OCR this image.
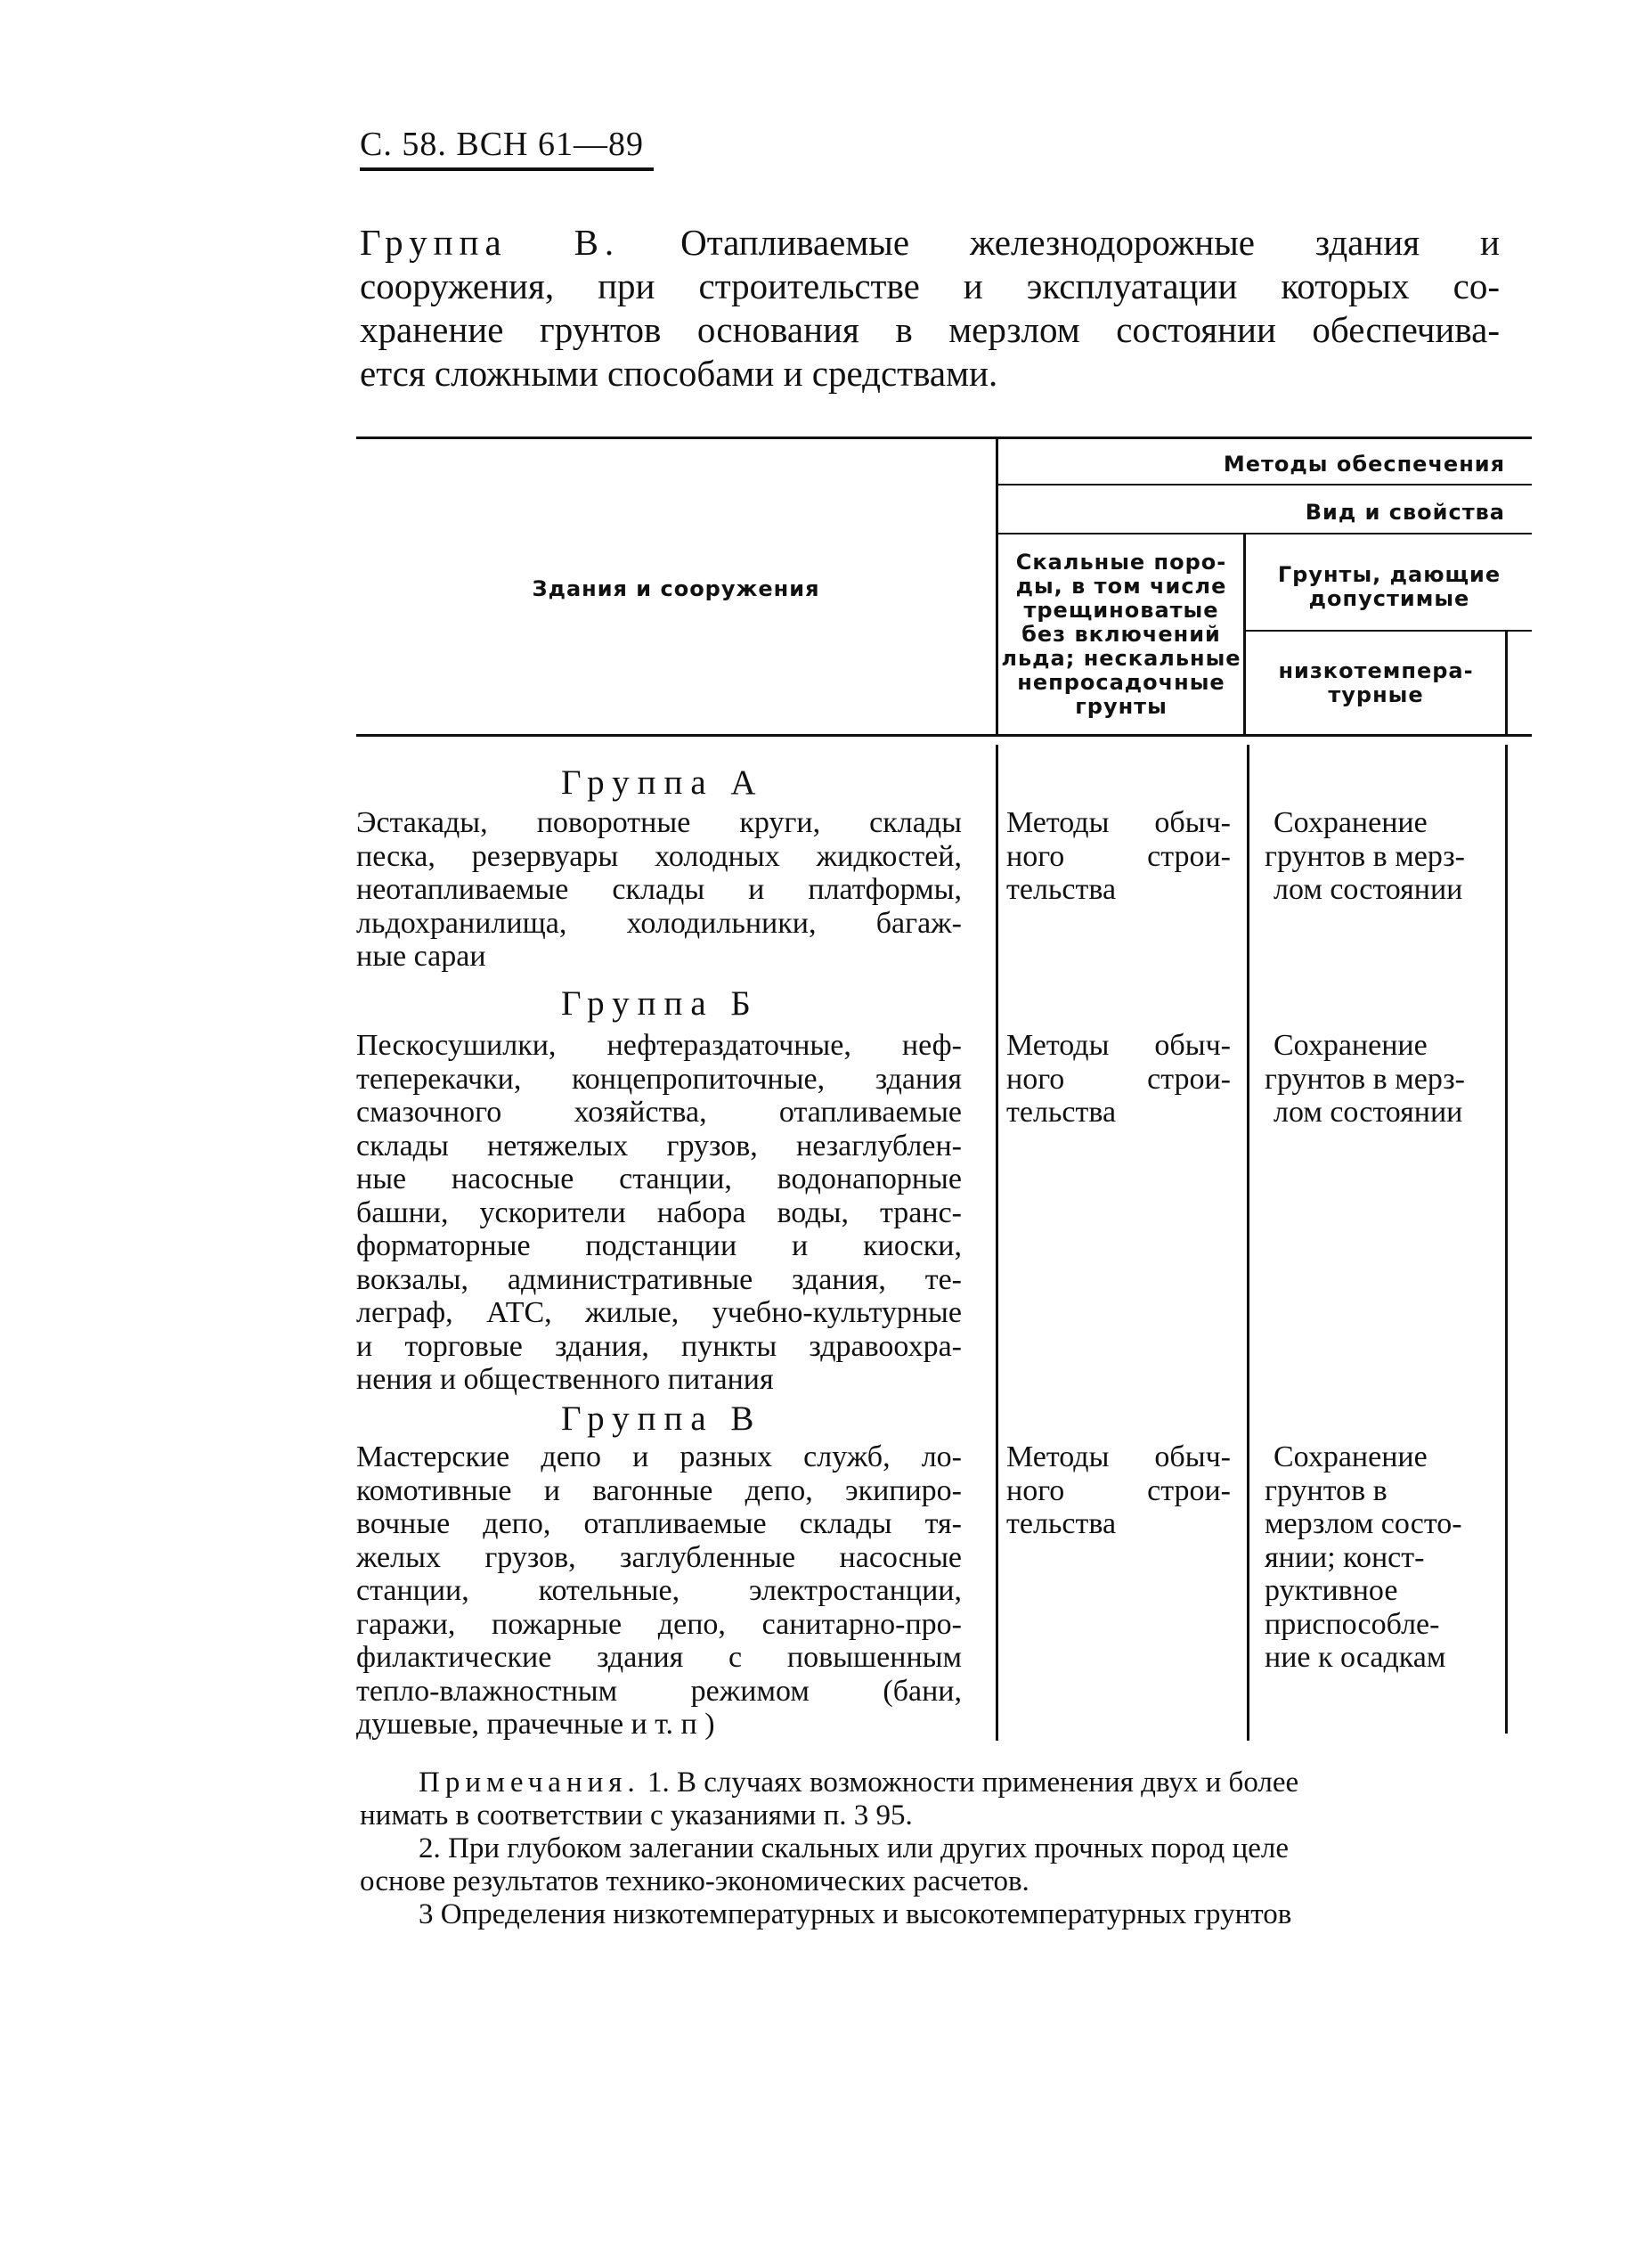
С. 58. ВСН 61—89
Группа В. Отапливаемые железнодорожные здания и
сооружения, при строительстве и эксплуатации которых со-
хранение грунтов основания в мерзлом состоянии обеспечива-
ется сложными способами и средствами.
Здания и сооружения
Методы обеспечения
Вид и свойства
Скальные поро-
ды, в том числе
трещиноватые
без включений
льда; нескальные
непросадочные
грунты
Грунты, дающие
допустимые
низкотемпера-
турные
Группа А
Эстакады, поворотные круги, склады
песка, резервуары холодных жидкостей,
неотапливаемые склады и платформы,
льдохранилища, холодильники, багаж-
ные сараи
Методы обыч-
ного строи-
тельства
Сохранение
грунтов в мерз-
лом состоянии
Группа Б
Пескосушилки, нефтераздаточные, неф-
теперекачки, концепропиточные, здания
смазочного хозяйства, отапливаемые
склады нетяжелых грузов, незаглублен-
ные насосные станции, водонапорные
башни, ускорители набора воды, транс-
форматорные подстанции и киоски,
вокзалы, административные здания, те-
леграф, АТС, жилые, учебно-культурные
и торговые здания, пункты здравоохра-
нения и общественного питания
Методы обыч-
ного строи-
тельства
Сохранение
грунтов в мерз-
лом состоянии
Группа В
Мастерские депо и разных служб, ло-
комотивные и вагонные депо, экипиро-
вочные депо, отапливаемые склады тя-
желых грузов, заглубленные насосные
станции, котельные, электростанции,
гаражи, пожарные депо, санитарно-про-
филактические здания с повышенным
тепло-влажностным режимом (бани,
душевые, прачечные и т. п )
Методы обыч-
ного строи-
тельства
Сохранение
грунтов в
мерзлом состо-
янии; конст-
руктивное
приспособле-
ние к осадкам
Примечания. 1. В случаях возможности применения двух и более
нимать в соответствии с указаниями п. 3 95.
2. При глубоком залегании скальных или других прочных пород целе
основе результатов технико-экономических расчетов.
3 Определения низкотемпературных и высокотемпературных грунтов
